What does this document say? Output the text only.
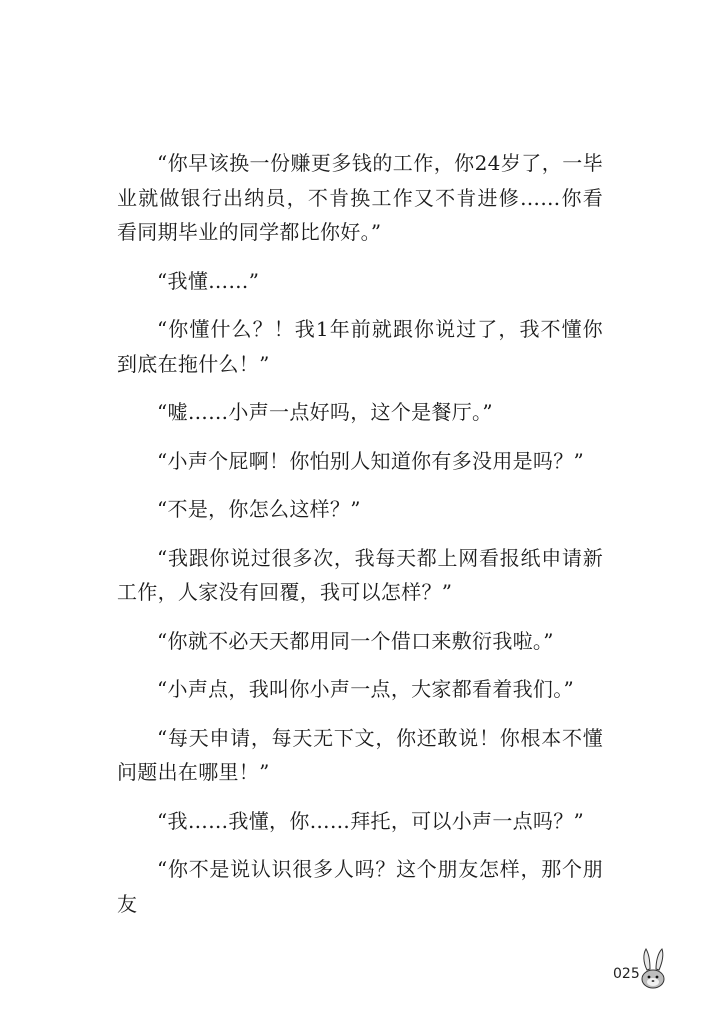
“你早该换一份赚更多钱的工作，你24岁了，一毕业就做银行出纳员，不肯换工作又不肯进修……你看看同期毕业的同学都比你好。”

“我懂……”

“你懂什么？！我1年前就跟你说过了，我不懂你到底在拖什么！”

“嘘……小声一点好吗，这个是餐厅。”

“小声个屁啊！你怕别人知道你有多没用是吗？”

“不是，你怎么这样？”

“我跟你说过很多次，我每天都上网看报纸申请新工作，人家没有回覆，我可以怎样？”

“你就不必天天都用同一个借口来敷衍我啦。”

“小声点，我叫你小声一点，大家都看着我们。”

“每天申请，每天无下文，你还敢说！你根本不懂问题出在哪里！”

“我……我懂，你……拜托，可以小声一点吗？”

“你不是说认识很多人吗？这个朋友怎样，那个朋友

025
